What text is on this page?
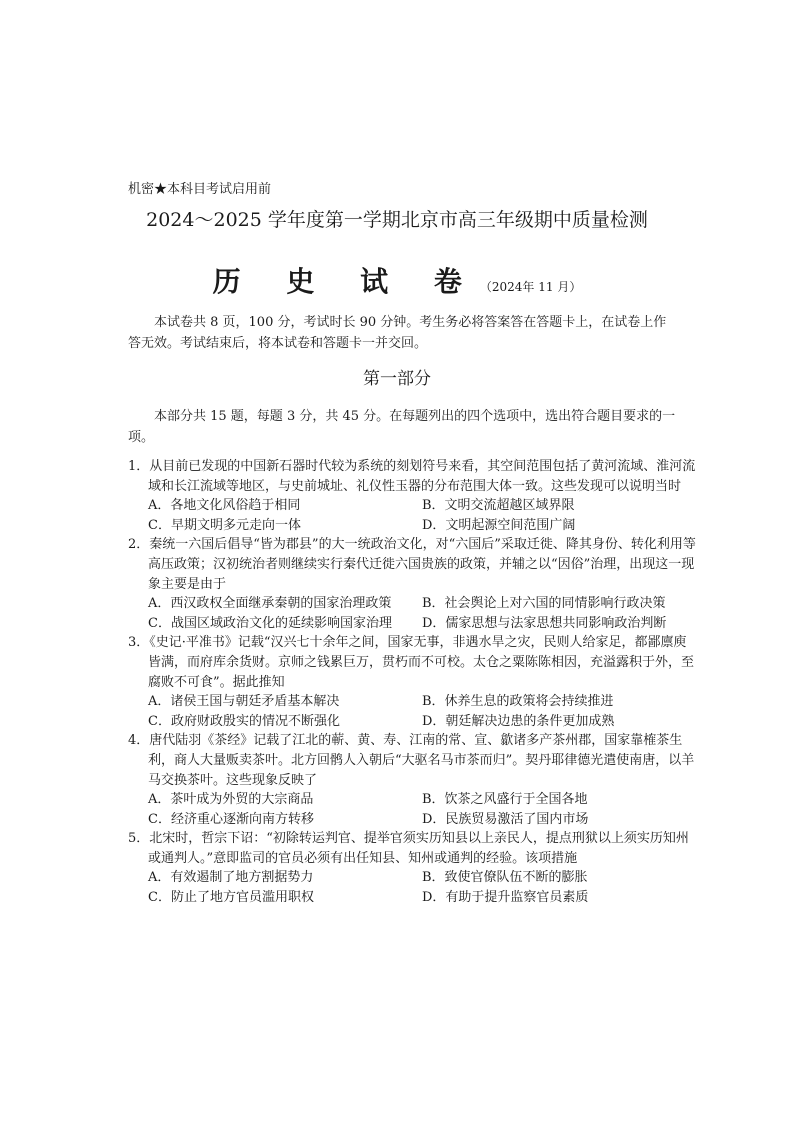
机密★本科目考试启用前
2024～2025 学年度第一学期北京市高三年级期中质量检测
历 史 试 卷（2024年 11 月）
本试卷共 8 页，100 分，考试时长 90 分钟。考生务必将答案答在答题卡上，在试卷上作答无效。考试结束后，将本试卷和答题卡一并交回。
第一部分
本部分共 15 题，每题 3 分，共 45 分。在每题列出的四个选项中，选出符合题目要求的一项。
1．从目前已发现的中国新石器时代较为系统的刻划符号来看，其空间范围包括了黄河流域、淮河流域和长江流域等地区，与史前城址、礼仪性玉器的分布范围大体一致。这些发现可以说明当时
A．各地文化风俗趋于相同	B．文明交流超越区域界限
C．早期文明多元走向一体	D．文明起源空间范围广阔
2．秦统一六国后倡导“皆为郡县”的大一统政治文化，对“六国后”采取迁徙、降其身份、转化利用等高压政策；汉初统治者则继续实行秦代迁徙六国贵族的政策，并辅之以“因俗”治理，出现这一现象主要是由于
A．西汉政权全面继承秦朝的国家治理政策	B．社会舆论上对六国的同情影响行政决策
C．战国区域政治文化的延续影响国家治理	D．儒家思想与法家思想共同影响政治判断
3．《史记·平准书》记载“汉兴七十余年之间，国家无事，非遇水旱之灾，民则人给家足，都鄙廪庾皆满，而府库余货财。京师之钱累巨万，贯朽而不可校。太仓之粟陈陈相因，充溢露积于外，至腐败不可食”。据此推知
A．诸侯王国与朝廷矛盾基本解决	B．休养生息的政策将会持续推进
C．政府财政殷实的情况不断强化	D．朝廷解决边患的条件更加成熟
4．唐代陆羽《茶经》记载了江北的蕲、黄、寿、江南的常、宣、歙诸多产茶州郡，国家靠榷茶生利，商人大量贩卖茶叶。北方回鹘人入朝后“大驱名马市茶而归”。契丹耶律德光遣使南唐，以羊马交换茶叶。这些现象反映了
A．茶叶成为外贸的大宗商品	B．饮茶之风盛行于全国各地
C．经济重心逐渐向南方转移	D．民族贸易激活了国内市场
5．北宋时，哲宗下诏：“初除转运判官、提举官须实历知县以上亲民人，提点刑狱以上须实历知州或通判人。”意即监司的官员必须有出任知县、知州或通判的经验。该项措施
A．有效遏制了地方割据势力	B．致使官僚队伍不断的膨胀
C．防止了地方官员滥用职权	D．有助于提升监察官员素质
